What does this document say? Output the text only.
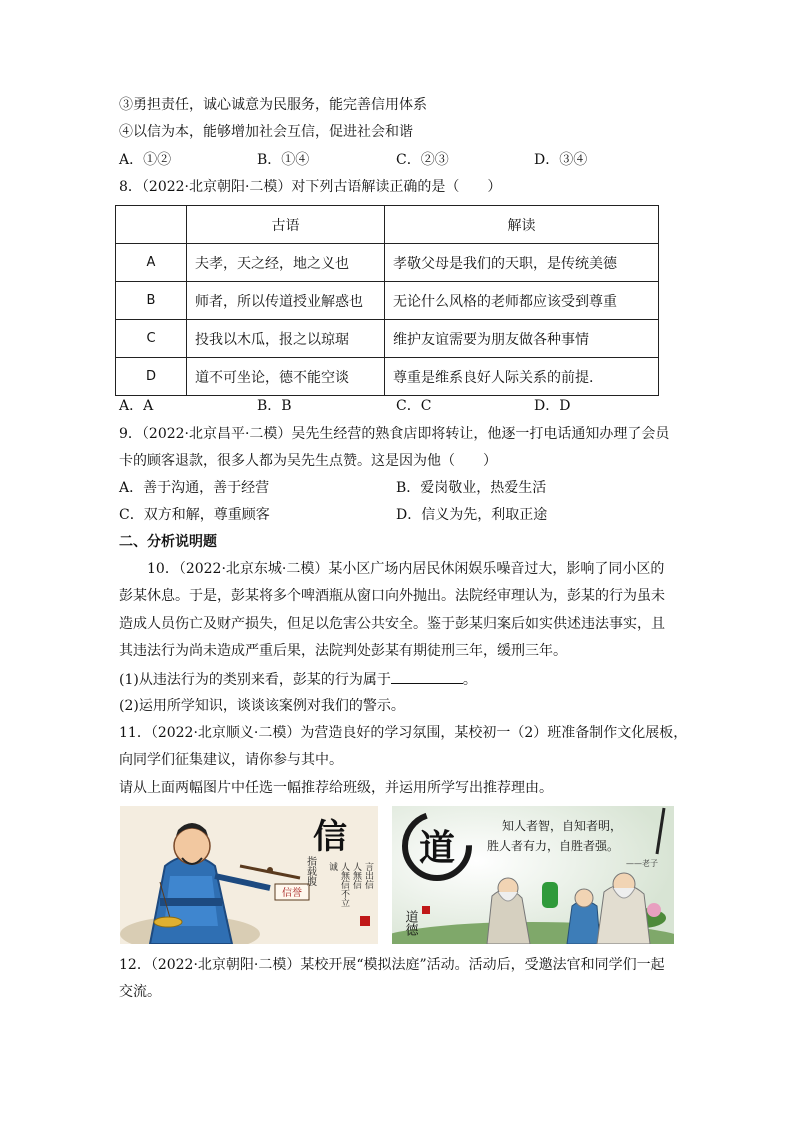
③勇担责任，诚心诚意为民服务，能完善信用体系
④以信为本，能够增加社会互信，促进社会和谐
A．①②	B．①④	C．②③	D．③④
8．（2022·北京朝阳·二模）对下列古语解读正确的是（　　）
	古语	解读
A	夫孝，天之经，地之义也	孝敬父母是我们的天职，是传统美德
B	师者，所以传道授业解惑也	无论什么风格的老师都应该受到尊重
C	投我以木瓜，报之以琼琚	维护友谊需要为朋友做各种事情
D	道不可坐论，德不能空谈	尊重是维系良好人际关系的前提.
A．A	B．B	C．C	D．D
9．（2022·北京昌平·二模）吴先生经营的熟食店即将转让，他逐一打电话通知办理了会员
卡的顾客退款，很多人都为吴先生点赞。这是因为他（　　）
A．善于沟通，善于经营	B．爱岗敬业，热爱生活
C．双方和解，尊重顾客	D．信义为先，利取正途
二、分析说明题
10．（2022·北京东城·二模）某小区广场内居民休闲娱乐噪音过大，影响了同小区的
彭某休息。于是，彭某将多个啤酒瓶从窗口向外抛出。法院经审理认为，彭某的行为虽未
造成人员伤亡及财产损失，但足以危害公共安全。鉴于彭某归案后如实供述违法事实，且
其违法行为尚未造成严重后果，法院判处彭某有期徒刑三年，缓刑三年。
(1)从违法行为的类别来看，彭某的行为属于	。
(2)运用所学知识，谈谈该案例对我们的警示。
11．（2022·北京顺义·二模）为营造良好的学习氛围，某校初一（2）班准备制作文化展板，
向同学们征集建议，请你参与其中。
请从上面两幅图片中任选一幅推荐给班级，并运用所学写出推荐理由。
信誉
信
言出信
人無信
人無信不立
诚
指载腹
道
知人者智，自知者明，
胜人者有力，自胜者强。
——老子
道德
12．（2022·北京朝阳·二模）某校开展“模拟法庭”活动。活动后，受邀法官和同学们一起
交流。
